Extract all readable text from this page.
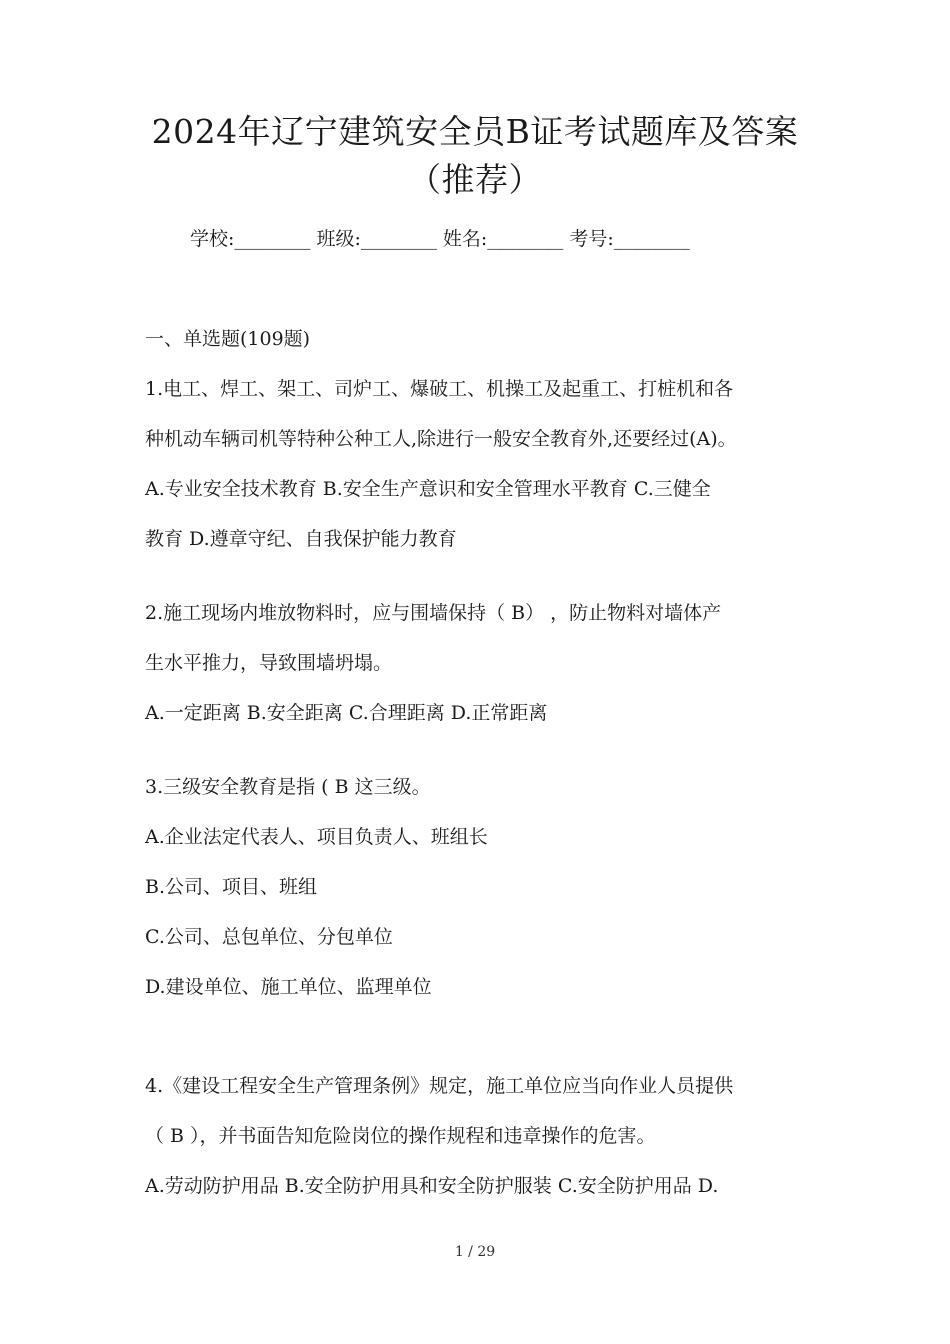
2024年辽宁建筑安全员B证考试题库及答案
（推荐）
学校:________ 班级:________ 姓名:________ 考号:________
一、单选题(109题)
1.电工、焊工、架工、司炉工、爆破工、机操工及起重工、打桩机和各
种机动车辆司机等特种公种工人,除进行一般安全教育外,还要经过(A)。
A.专业安全技术教育 B.安全生产意识和安全管理水平教育 C.三健全
教育 D.遵章守纪、自我保护能力教育
2.施工现场内堆放物料时，应与围墙保持（ B） ，防止物料对墙体产
生水平推力，导致围墙坍塌。
A.一定距离 B.安全距离 C.合理距离 D.正常距离
3.三级安全教育是指 ( B 这三级。
A.企业法定代表人、项目负责人、班组长
B.公司、项目、班组
C.公司、总包单位、分包单位
D.建设单位、施工单位、监理单位
4.《建设工程安全生产管理条例》规定，施工单位应当向作业人员提供
（ B ），并书面告知危险岗位的操作规程和违章操作的危害。
A.劳动防护用品 B.安全防护用具和安全防护服装 C.安全防护用品 D.
1 / 29
